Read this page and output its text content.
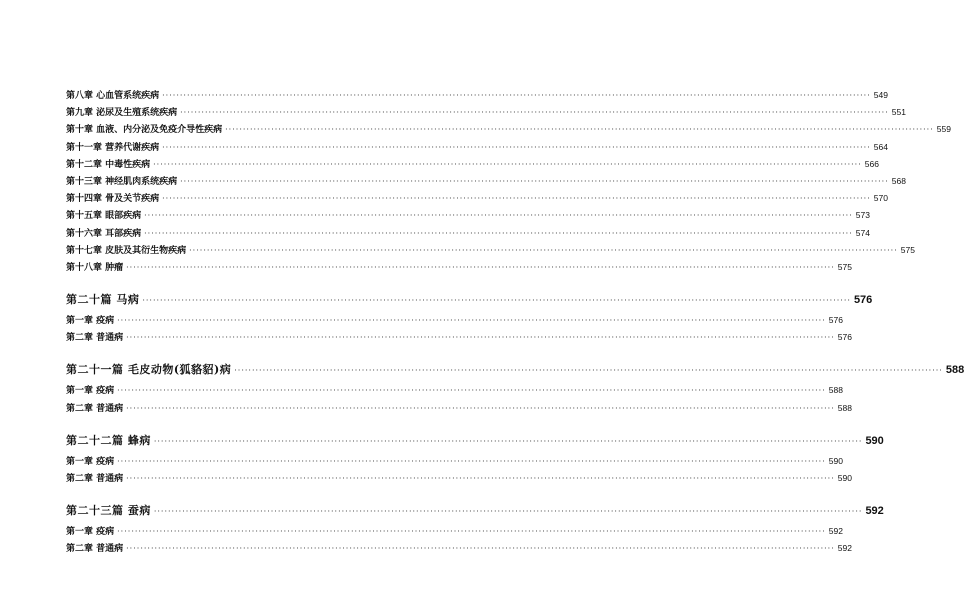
第八章 心血管系统疾病 ········································································································································································································ 549
第九章 泌尿及生殖系统疾病 ········································································································································································································ 551
第十章 血液、内分泌及免疫介导性疾病 ········································································································································································································ 559
第十一章 营养代谢疾病 ········································································································································································································ 564
第十二章 中毒性疾病 ········································································································································································································ 566
第十三章 神经肌肉系统疾病 ········································································································································································································ 568
第十四章 骨及关节疾病 ········································································································································································································ 570
第十五章 眼部疾病 ········································································································································································································ 573
第十六章 耳部疾病 ········································································································································································································ 574
第十七章 皮肤及其衍生物疾病 ········································································································································································································ 575
第十八章 肿瘤 ········································································································································································································ 575
第二十篇 马病 ········································································································································································································ 576
第一章 疫病 ········································································································································································································ 576
第二章 普通病 ········································································································································································································ 576
第二十一篇 毛皮动物(狐貉貂)病 ········································································································································································································ 588
第一章 疫病 ········································································································································································································ 588
第二章 普通病 ········································································································································································································ 588
第二十二篇 蜂病 ········································································································································································································ 590
第一章 疫病 ········································································································································································································ 590
第二章 普通病 ········································································································································································································ 590
第二十三篇 蚕病 ········································································································································································································ 592
第一章 疫病 ········································································································································································································ 592
第二章 普通病 ········································································································································································································ 592
